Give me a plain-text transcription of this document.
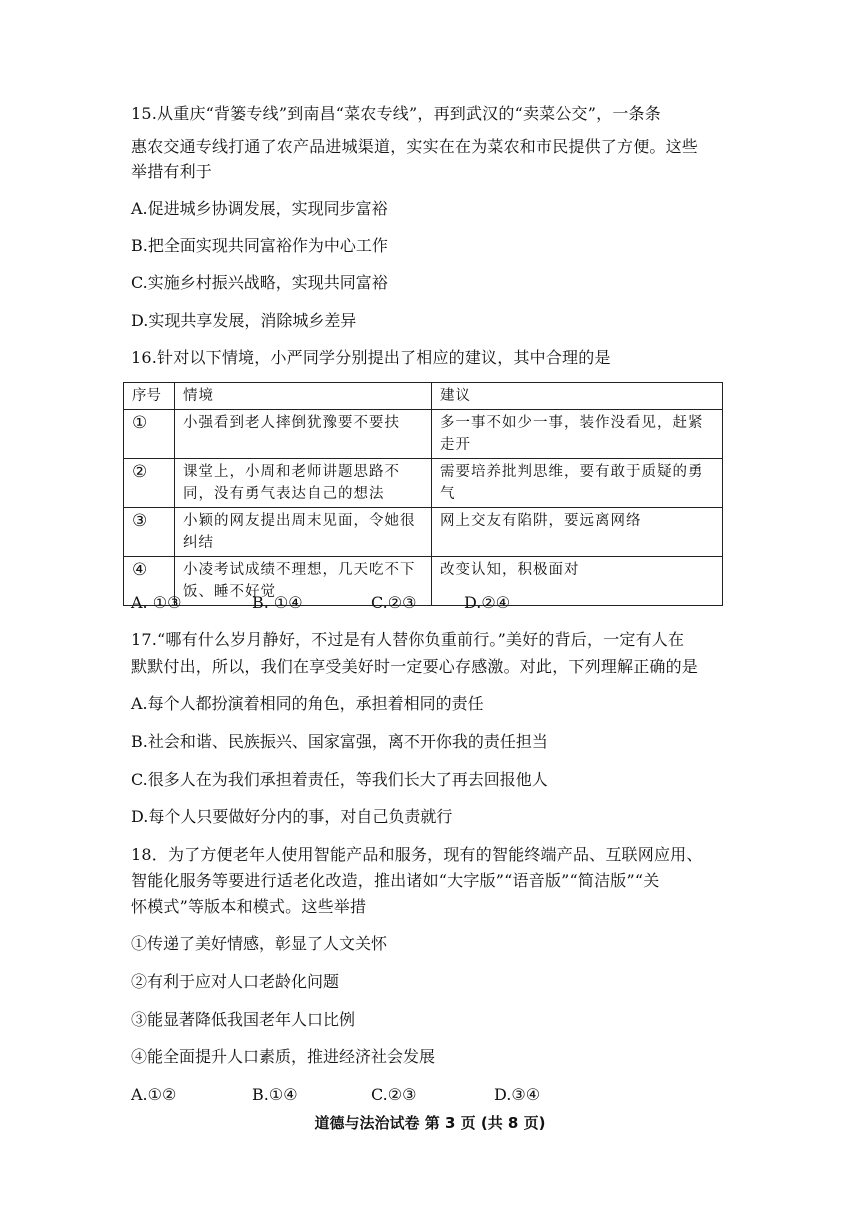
15.从重庆“背篓专线”到南昌“菜农专线”，再到武汉的“卖菜公交”，一条条
惠农交通专线打通了农产品进城渠道，实实在在为菜农和市民提供了方便。这些
举措有利于
A.促进城乡协调发展，实现同步富裕
B.把全面实现共同富裕作为中心工作
C.实施乡村振兴战略，实现共同富裕
D.实现共享发展，消除城乡差异
16.针对以下情境，小严同学分别提出了相应的建议，其中合理的是
序号	情境	建议
①	小强看到老人摔倒犹豫要不要扶	多一事不如少一事，装作没看见，赶紧走开
②	课堂上，小周和老师讲题思路不同，没有勇气表达自己的想法	需要培养批判思维，要有敢于质疑的勇气
③	小颖的网友提出周末见面，令她很纠结	网上交友有陷阱，要远离网络
④	小凌考试成绩不理想，几天吃不下饭、睡不好觉	改变认知，积极面对
A. ①③	B. ①④	C.②③	D.②④
17.“哪有什么岁月静好，不过是有人替你负重前行。”美好的背后，一定有人在
默默付出，所以，我们在享受美好时一定要心存感激。对此，下列理解正确的是
A.每个人都扮演着相同的角色，承担着相同的责任
B.社会和谐、民族振兴、国家富强，离不开你我的责任担当
C.很多人在为我们承担着责任，等我们长大了再去回报他人
D.每个人只要做好分内的事，对自己负责就行
18．为了方便老年人使用智能产品和服务，现有的智能终端产品、互联网应用、
智能化服务等要进行适老化改造，推出诸如“大字版”“语音版”“简洁版”“关
怀模式”等版本和模式。这些举措
①传递了美好情感，彰显了人文关怀
②有利于应对人口老龄化问题
③能显著降低我国老年人口比例
④能全面提升人口素质，推进经济社会发展
A.①②	B.①④	C.②③	D.③④
道德与法治试卷 第 3 页 (共 8 页)
